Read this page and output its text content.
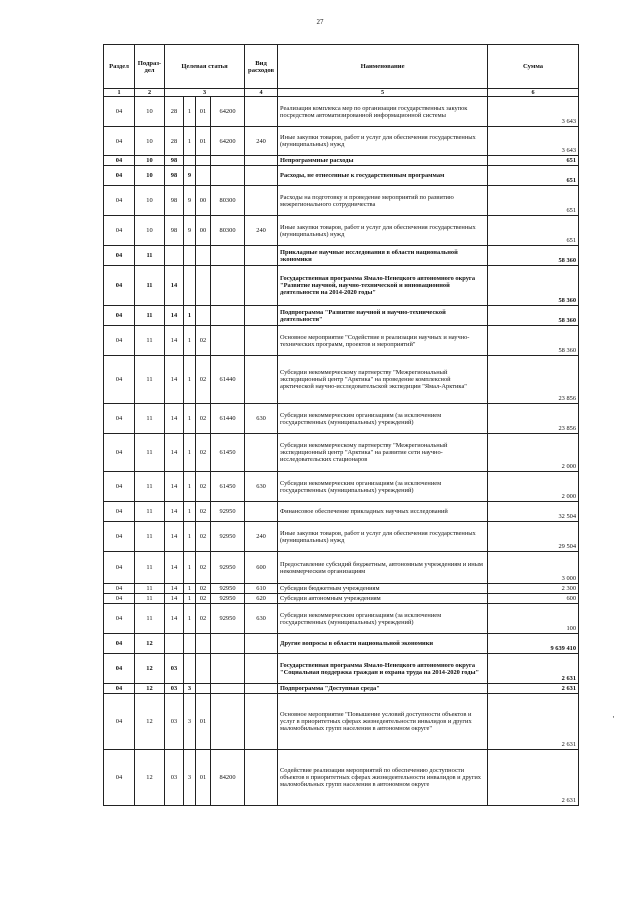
27
Раздел	Подраз-дел	Целевая статья				Вид расходов	Наименование	Сумма
1	2	3				4	5	6
04	10	28	1	01	64200		Реализация комплекса мер по организации государственных закупок посредством автоматизированной информационной системы	3 643
04	10	28	1	01	64200	240	Иные закупки товаров, работ и услуг для обеспечения государственных (муниципальных) нужд	3 643
04	10	98					Непрограммные расходы	651
04	10	98	9				Расходы, не отнесенные к государственным программам	651
04	10	98	9	00	80300		Расходы на подготовку и проведение мероприятий по развитию межрегионального сотрудничества	651
04	10	98	9	00	80300	240	Иные закупки товаров, работ и услуг для обеспечения государственных (муниципальных) нужд	651
04	11						Прикладные научные исследования в области национальной экономики	58 360
04	11	14					Государственная программа Ямало-Ненецкого автономного округа "Развитие научной, научно-технической и инновационной деятельности на 2014-2020 годы"	58 360
04	11	14	1				Подпрограмма "Развитие научной и научно-технической деятельности"	58 360
04	11	14	1	02			Основное мероприятие "Содействие в реализации научных и научно-технических программ, проектов и мероприятий"	58 360
04	11	14	1	02	61440		Субсидии некоммерческому партнерству "Межрегиональный экспедиционный центр "Арктика" на проведение комплексной арктической научно-исследовательской экспедиции "Ямал-Арктика"	23 856
04	11	14	1	02	61440	630	Субсидии некоммерческим организациям (за исключением государственных (муниципальных) учреждений)	23 856
04	11	14	1	02	61450		Субсидии некоммерческому партнерству "Межрегиональный экспедиционный центр "Арктика" на развитие сети научно-исследовательских стационаров	2 000
04	11	14	1	02	61450	630	Субсидии некоммерческим организациям (за исключением государственных (муниципальных) учреждений)	2 000
04	11	14	1	02	92950		Финансовое обеспечение прикладных научных исследований	32 504
04	11	14	1	02	92950	240	Иные закупки товаров, работ и услуг для обеспечения государственных (муниципальных) нужд	29 504
04	11	14	1	02	92950	600	Предоставление субсидий бюджетным, автономным учреждениям и иным некоммерческим организациям	3 000
04	11	14	1	02	92950	610	Субсидии бюджетным учреждениям	2 300
04	11	14	1	02	92950	620	Субсидии автономным учреждениям	600
04	11	14	1	02	92950	630	Субсидии некоммерческим организациям (за исключением государственных (муниципальных) учреждений)	100
04	12						Другие вопросы в области национальной экономики	9 639 410
04	12	03					Государственная программа Ямало-Ненецкого автономного округа "Социальная поддержка граждан и охрана труда на 2014-2020 годы"	2 631
04	12	03	3				Подпрограмма "Доступная среда"	2 631
04	12	03	3	01			Основное мероприятие "Повышение условий доступности объектов и услуг в приоритетных сферах жизнедеятельности инвалидов и других маломобильных групп населения в автономном округе"	2 631
04	12	03	3	01	84200		Содействие реализации мероприятий по обеспечению доступности объектов в приоритетных сферах жизнедеятельности инвалидов и других маломобильных групп населения в автономном округе	2 631
·
